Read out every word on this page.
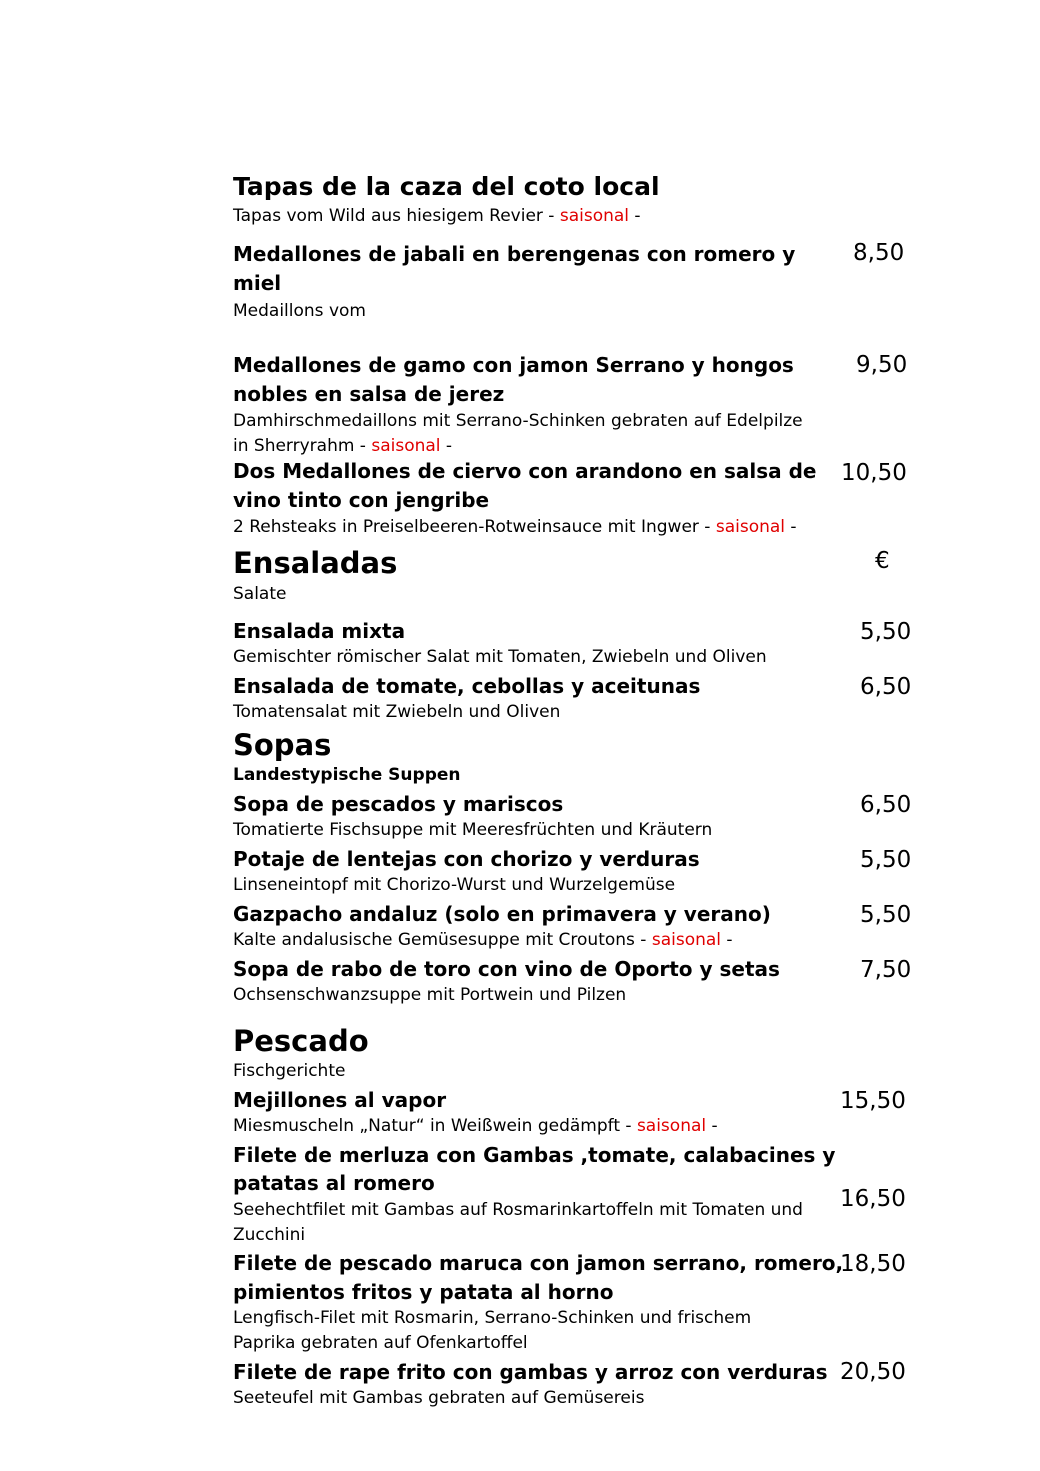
Tapas de la caza del coto local
Tapas vom Wild aus hiesigem Revier - saisonal -
Medallones de jabali en berengenas con romero y
miel
Medaillons vom
8,50
Medallones de gamo con jamon Serrano y hongos
nobles en salsa de jerez
Damhirschmedaillons mit Serrano-Schinken gebraten auf Edelpilze
in Sherryrahm - saisonal -
9,50
Dos Medallones de ciervo con arandono en salsa de
vino tinto con jengribe
2 Rehsteaks in Preiselbeeren-Rotweinsauce mit Ingwer - saisonal -
10,50
Ensaladas	€
Salate
Ensalada mixta
Gemischter römischer Salat mit Tomaten, Zwiebeln und Oliven
5,50
Ensalada de tomate, cebollas y aceitunas
Tomatensalat mit Zwiebeln und Oliven
6,50
Sopas
Landestypische Suppen
Sopa de pescados y mariscos
Tomatierte Fischsuppe mit Meeresfrüchten und Kräutern
6,50
Potaje de lentejas con chorizo y verduras
Linseneintopf mit Chorizo-Wurst und Wurzelgemüse
5,50
Gazpacho andaluz (solo en primavera y verano)
Kalte andalusische Gemüsesuppe mit Croutons - saisonal -
5,50
Sopa de rabo de toro con vino de Oporto y setas
Ochsenschwanzsuppe mit Portwein und Pilzen
7,50
Pescado
Fischgerichte
Mejillones al vapor
Miesmuscheln „Natur“ in Weißwein gedämpft - saisonal -
15,50
Filete de merluza con Gambas ,tomate, calabacines y
patatas al romero
Seehechtfilet mit Gambas auf Rosmarinkartoffeln mit Tomaten und
Zucchini
16,50
Filete de pescado maruca con jamon serrano, romero,
pimientos fritos y patata al horno
Lengfisch-Filet mit Rosmarin, Serrano-Schinken und frischem
Paprika gebraten auf Ofenkartoffel
18,50
Filete de rape frito con gambas y arroz con verduras
Seeteufel mit Gambas gebraten auf Gemüsereis
20,50
